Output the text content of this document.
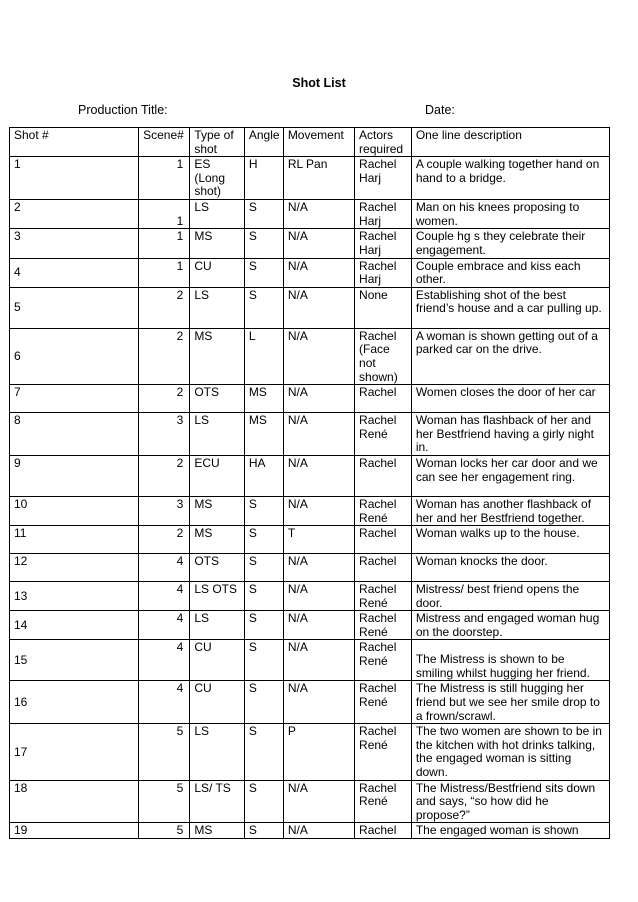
Shot List
Production Title:	Date:
Shot #	Scene#	Type of shot	Angle	Movement	Actors required	One line description
1	1	ES (Long shot)	H	RL Pan	Rachel Harj	A couple walking together hand on hand to a bridge.
2	1	LS	S	N/A	Rachel Harj	Man on his knees proposing to women.
3	1	MS	S	N/A	Rachel Harj	Couple hg s they celebrate their engagement.
4	1	CU	S	N/A	Rachel Harj	Couple embrace and kiss each other.
5	2	LS	S	N/A	None	Establishing shot of the best friend’s house and a car pulling up.
6	2	MS	L	N/A	Rachel (Face not shown)	A woman is shown getting out of a parked car on the drive.
7	2	OTS	MS	N/A	Rachel	Women closes the door of her car
8	3	LS	MS	N/A	Rachel René	Woman has flashback of her and her Bestfriend having a girly night in.
9	2	ECU	HA	N/A	Rachel	Woman locks her car door and we can see her engagement ring.
10	3	MS	S	N/A	Rachel René	Woman has another flashback of her and her Bestfriend together.
11	2	MS	S	T	Rachel	Woman walks up to the house.
12	4	OTS	S	N/A	Rachel	Woman knocks the door.
13	4	LS OTS	S	N/A	Rachel René	Mistress/ best friend opens the door.
14	4	LS	S	N/A	Rachel René	Mistress and engaged woman hug on the doorstep.
15	4	CU	S	N/A	Rachel René	The Mistress is shown to be smiling whilst hugging her friend.
16	4	CU	S	N/A	Rachel René	The Mistress is still hugging her friend but we see her smile drop to a frown/scrawl.
17	5	LS	S	P	Rachel René	The two women are shown to be in the kitchen with hot drinks talking, the engaged woman is sitting down.
18	5	LS/ TS	S	N/A	Rachel René	The Mistress/Bestfriend sits down and says, “so how did he propose?”
19	5	MS	S	N/A	Rachel	The engaged woman is shown
